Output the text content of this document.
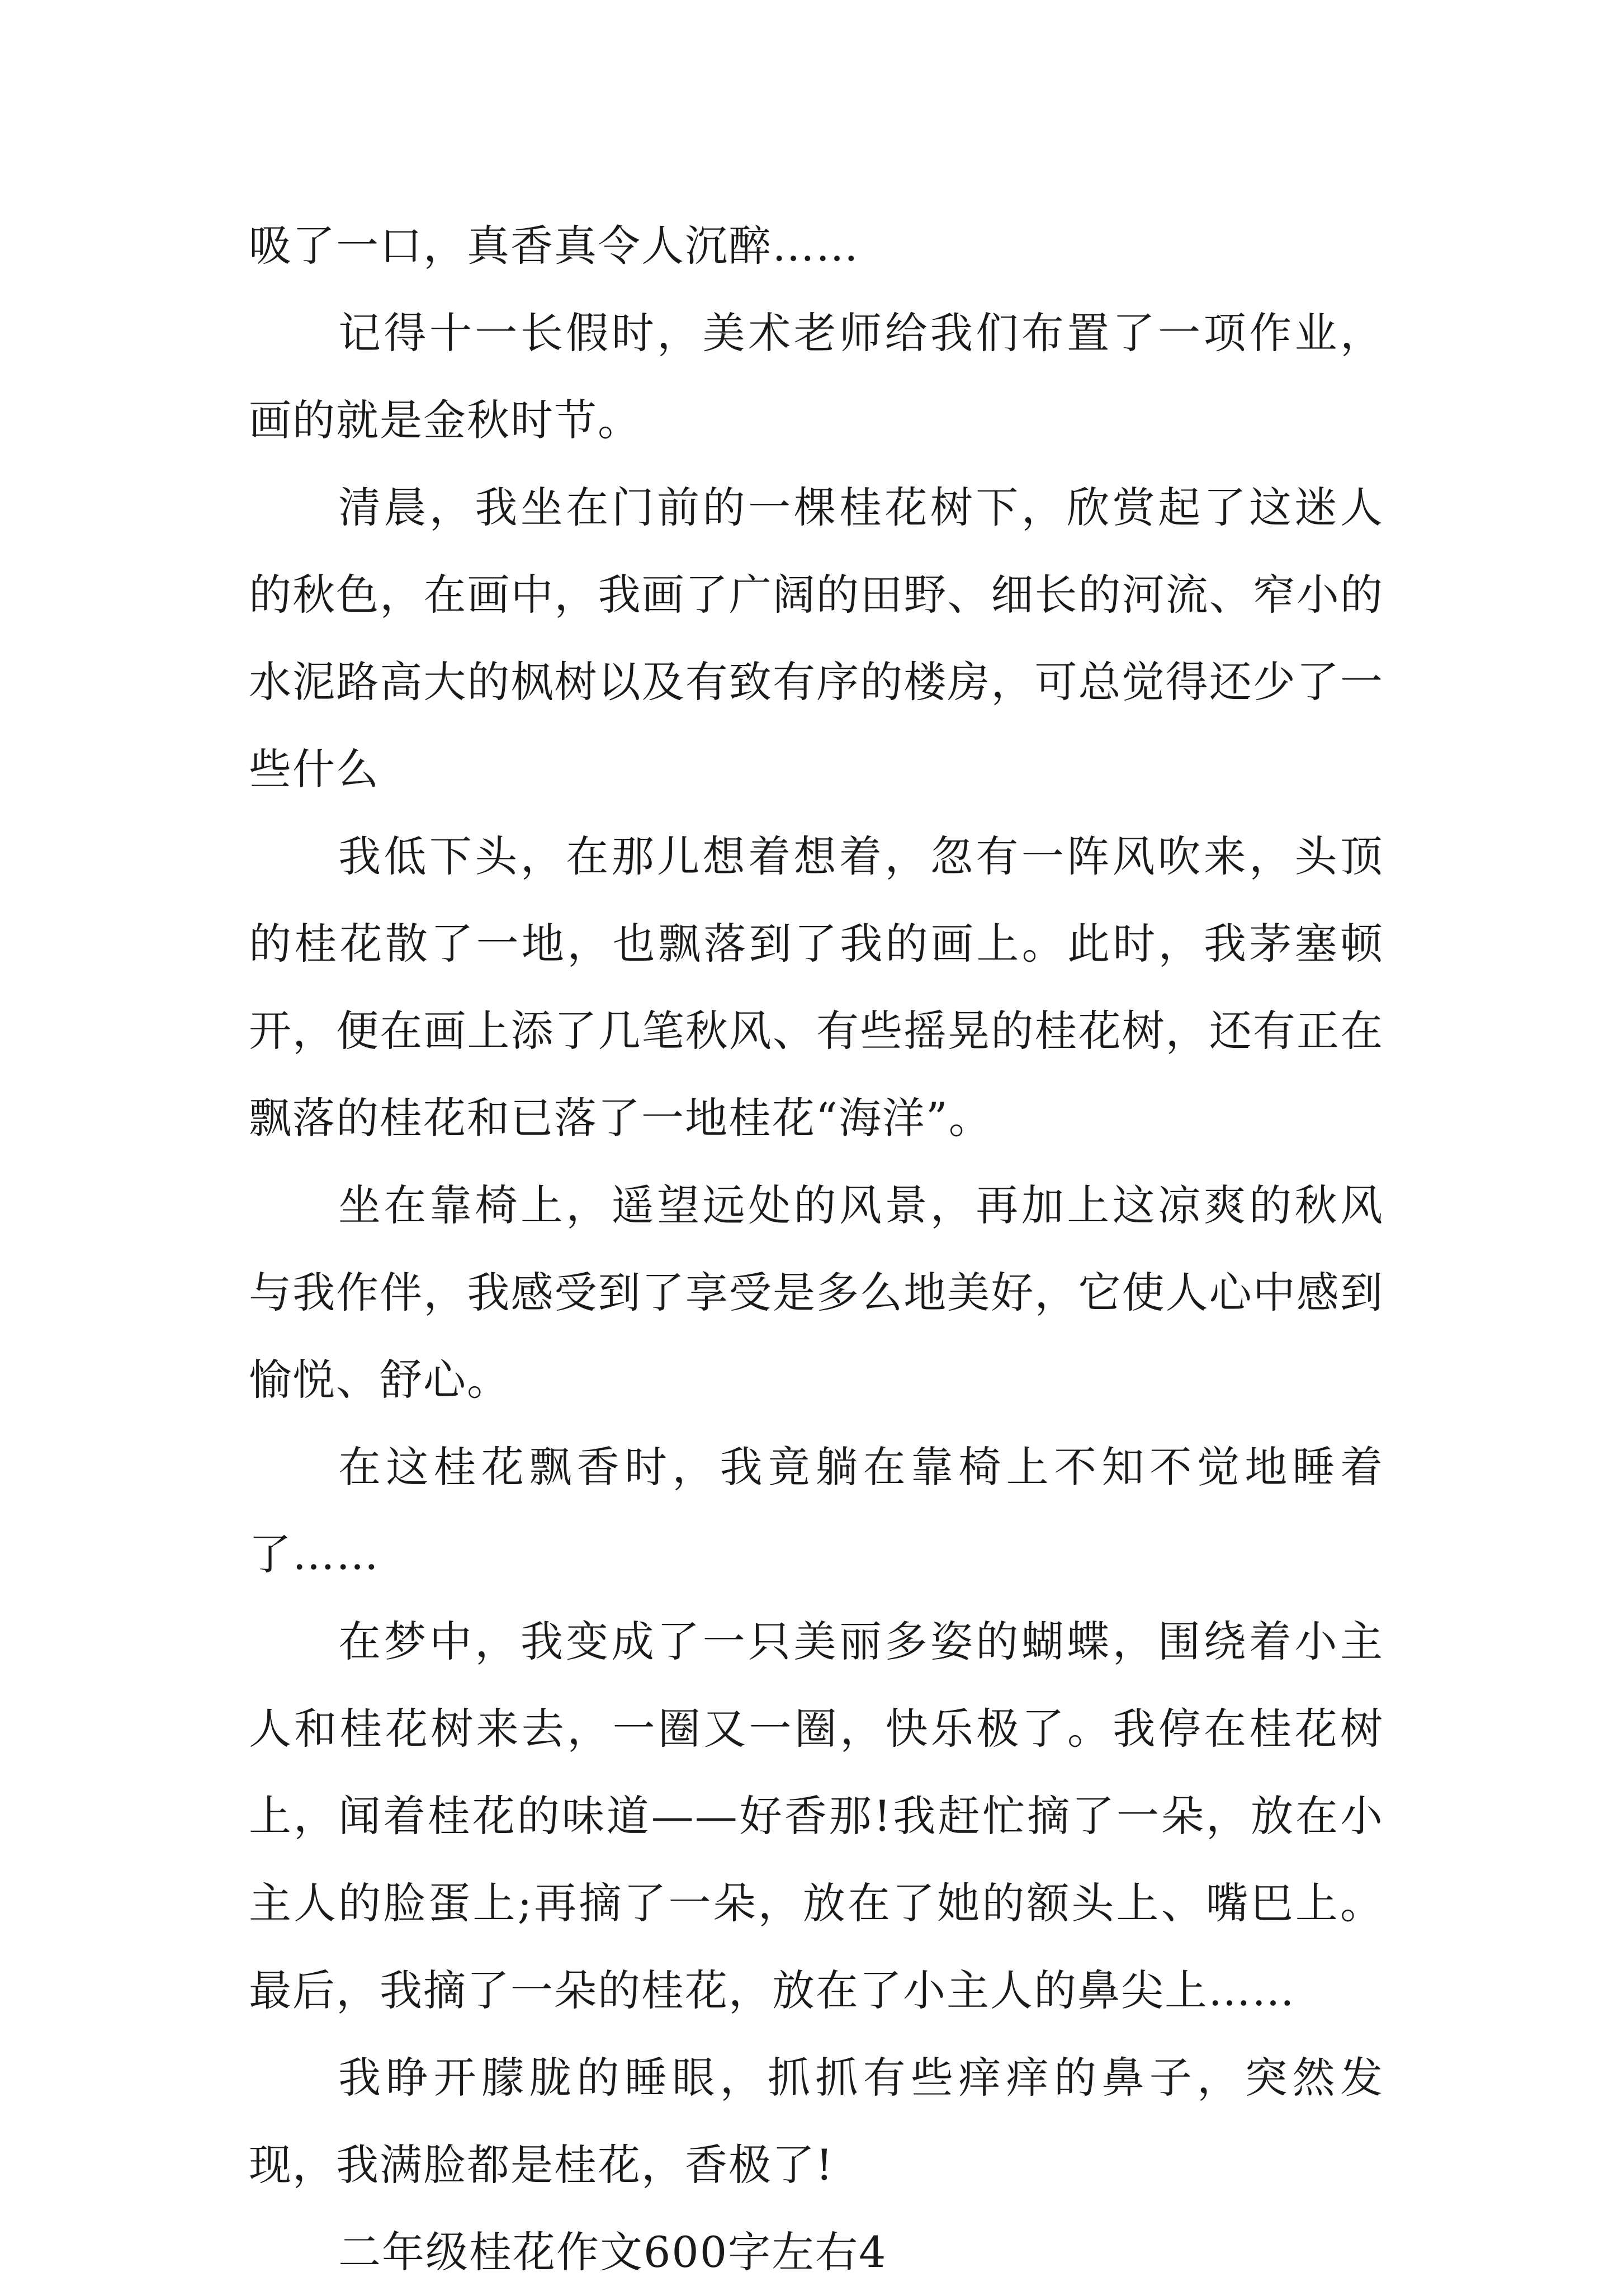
吸了一口，真香真令人沉醉……

记得十一长假时，美术老师给我们布置了一项作业，画的就是金秋时节。

清晨，我坐在门前的一棵桂花树下，欣赏起了这迷人的秋色，在画中，我画了广阔的田野、细长的河流、窄小的水泥路高大的枫树以及有致有序的楼房，可总觉得还少了一些什么

我低下头，在那儿想着想着，忽有一阵风吹来，头顶的桂花散了一地，也飘落到了我的画上。此时，我茅塞顿开，便在画上添了几笔秋风、有些摇晃的桂花树，还有正在飘落的桂花和已落了一地桂花“海洋”。

坐在靠椅上，遥望远处的风景，再加上这凉爽的秋风与我作伴，我感受到了享受是多么地美好，它使人心中感到愉悦、舒心。

在这桂花飘香时，我竟躺在靠椅上不知不觉地睡着了……

在梦中，我变成了一只美丽多姿的蝴蝶，围绕着小主人和桂花树来去，一圈又一圈，快乐极了。我停在桂花树上，闻着桂花的味道——好香那!我赶忙摘了一朵，放在小主人的脸蛋上;再摘了一朵，放在了她的额头上、嘴巴上。最后，我摘了一朵的桂花，放在了小主人的鼻尖上……

我睁开朦胧的睡眼，抓抓有些痒痒的鼻子，突然发现，我满脸都是桂花，香极了!

二年级桂花作文600字左右4
